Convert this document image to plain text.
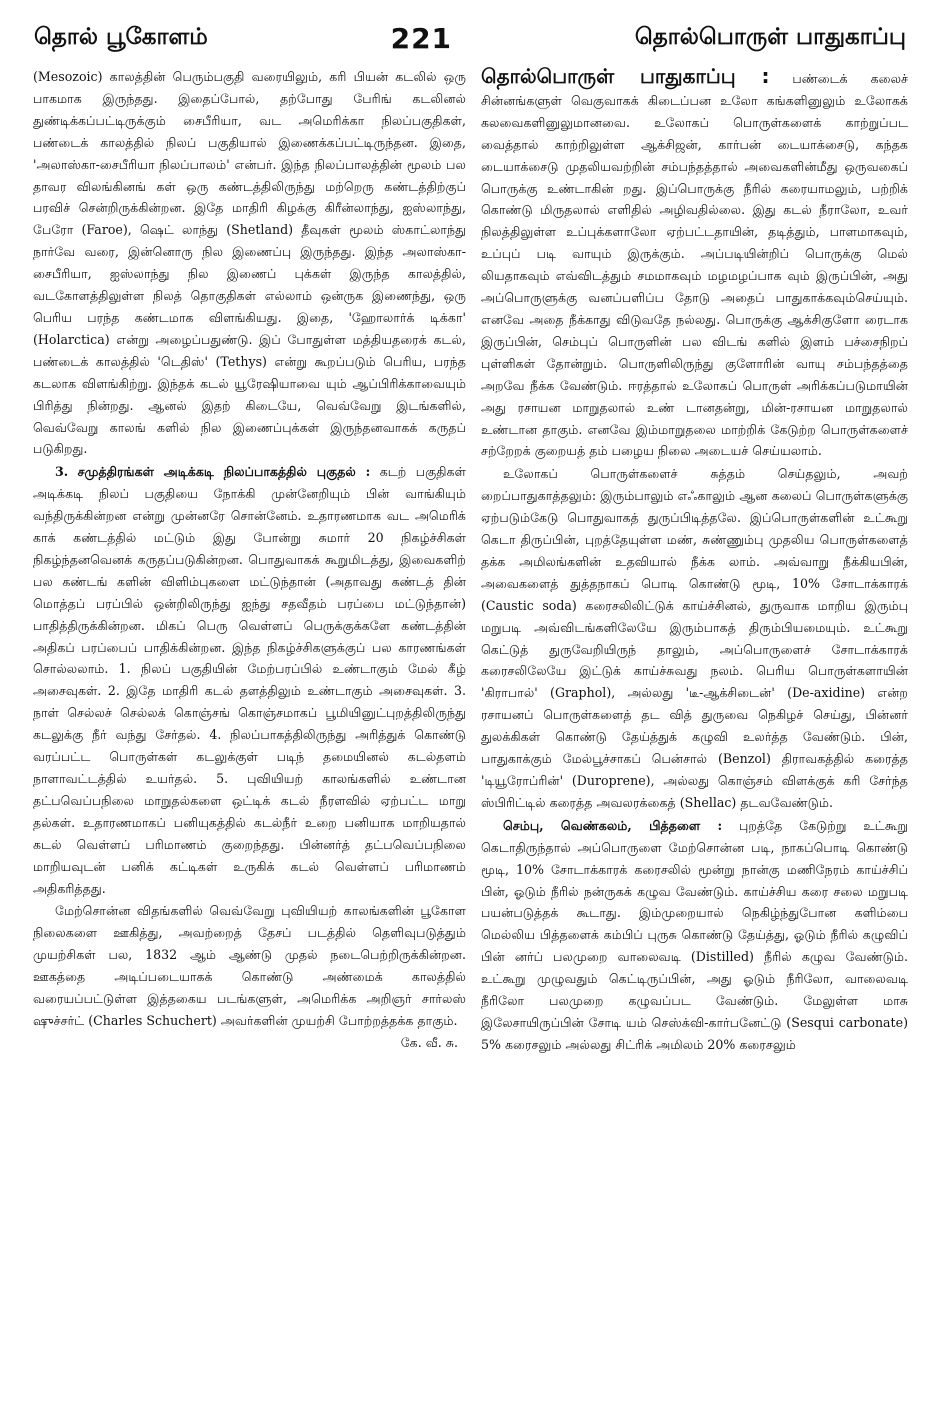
தொல் பூகோளம்	221	தொல்பொருள் பாதுகாப்பு

(Mesozoic) காலத்தின் பெரும்பகுதி வரையிலும், கரி பியன் கடலில் ஒரு பாகமாக இருந்தது. இதைப்போல், தற்போது பேரிங் கடலினல் துண்டிக்கப்பட்டிருக்கும் சைபீரியா, வட அமெரிக்கா நிலப்பகுதிகள், பண்டைக் காலத்தில் நிலப் பகுதியால் இணைக்கப்பட்டிருந்தன. இதை, 'அலாஸ்கா-சைபீரியா நிலப்பாலம்' என்பர். இந்த நிலப்பாலத்தின் மூலம் பல தாவர விலங்கினங் கள் ஒரு கண்டத்திலிருந்து மற்றெரு கண்டத்திற்குப் பரவிச் சென்றிருக்கின்றன. இதே மாதிரி கிழக்கு கிரீன்லாந்து, ஐஸ்லாந்து, பேரோ (Faroe), ஷெட் லாந்து (Shetland) தீவுகள் மூலம் ஸ்காட்லாந்து நார்வே வரை, இன்னொரு நில இணைப்பு இருந்தது. இந்த அலாஸ்கா-சைபீரியா, ஐஸ்லாந்து நில இணைப் புக்கள் இருந்த காலத்தில், வடகோளத்திலுள்ள நிலத் தொகுதிகள் எல்லாம் ஒன்ருக இணைந்து, ஒரு பெரிய பரந்த கண்டமாக விளங்கியது. இதை, 'ஹோலார்க் டிக்கா' (Holarctica) என்று அழைப்பதுண்டு. இப் போதுள்ள மத்தியதரைக் கடல், பண்டைக் காலத்தில் 'டெதிஸ்' (Tethys) என்று கூறப்படும் பெரிய, பரந்த கடலாக விளங்கிற்று. இந்தக் கடல் யூரேஷியாவை யும் ஆப்பிரிக்காவையும் பிரித்து நின்றது. ஆனல் இதற் கிடையே, வெவ்வேறு இடங்களில், வெவ்வேறு காலங் களில் நில இணைப்புக்கள் இருந்தனவாகக் கருதப் படுகிறது.

3. சமுத்திரங்கள் அடிக்கடி நிலப்பாகத்தில் புகுதல் : கடற் பகுதிகள் அடிக்கடி நிலப் பகுதியை நோக்கி முன்னேறியும் பின் வாங்கியும் வந்திருக்கின்றன என்று முன்னரே சொன்னேம். உதாரணமாக வட அமெரிக் காக் கண்டத்தில் மட்டும் இது போன்று சுமார் 20 நிகழ்ச்சிகள் நிகழ்ந்தனவெனக் கருதப்படுகின்றன. பொதுவாகக் கூறுமிடத்து, இவைகளிற் பல கண்டங் களின் விளிம்புகளை மட்டுந்தான் (அதாவது கண்டத் தின் மொத்தப் பரப்பில் ஒன்றிலிருந்து ஐந்து சதவீதம் பரப்பை மட்டுந்தான்) பாதித்திருக்கின்றன. மிகப் பெரு வெள்ளப் பெருக்குக்களே கண்டத்தின் அதிகப் பரப்பைப் பாதிக்கின்றன. இந்த நிகழ்ச்சிகளுக்குப் பல காரணங்கள் சொல்லலாம். 1. நிலப் பகுதியின் மேற்பரப்பில் உண்டாகும் மேல் கீழ் அசைவுகள். 2. இதே மாதிரி கடல் தளத்திலும் உண்டாகும் அசைவுகள். 3. நாள் செல்லச் செல்லக் கொஞ்சங் கொஞ்சமாகப் பூமியினுட்புறத்திலிருந்து கடலுக்கு நீர் வந்து சேர்தல். 4. நிலப்பாகத்திலிருந்து அரித்துக் கொண்டு வரப்பட்ட பொருள்கள் கடலுக்குள் படிந் தமையினல் கடல்தளம் நாளாவட்டத்தில் உயர்தல். 5. புவியியற் காலங்களில் உண்டான தட்பவெப்பநிலை மாறுதல்களை ஒட்டிக் கடல் நீரளவில் ஏற்பட்ட மாறு தல்கள். உதாரணமாகப் பனியுகத்தில் கடல்நீர் உறை பனியாக மாறியதால் கடல் வெள்ளப் பரிமாணம் குறைந்தது. பின்னர்த் தட்பவெப்பநிலை மாறியவுடன் பனிக் கட்டிகள் உருகிக் கடல் வெள்ளப் பரிமாணம் அதிகரித்தது.

மேற்சொன்ன விதங்களில் வெவ்வேறு புவியியற் காலங்களின் பூகோள நிலைகளை ஊகித்து, அவற்றைத் தேசப் படத்தில் தெளிவுபடுத்தும் முயற்சிகள் பல, 1832 ஆம் ஆண்டு முதல் நடைபெற்றிருக்கின்றன. ஊகத்தை அடிப்படையாகக் கொண்டு அண்மைக் காலத்தில் வரையப்பட்டுள்ள இத்தகைய படங்களுள், அமெரிக்க அறிஞர் சார்லஸ் ஷுச்சர்ட் (Charles Schuchert) அவர்களின் முயற்சி போற்றத்தக்க தாகும்.

கே. வீ. சு.

தொல்பொருள் பாதுகாப்பு : பண்டைக் கலைச் சின்னங்களுள் வெகுவாகக் கிடைப்பன உலோ கங்களினுலும் உலோகக் கலவைகளினுலுமானவை. உலோகப் பொருள்களைக் காற்றுப்பட வைத்தால் காற்றிலுள்ள ஆக்சிஜன், கார்பன் டையாக்சைடு, கந்தக டையாக்சைடு முதலியவற்றின் சம்பந்தத்தால் அவைகளின்மீது ஒருவகைப் பொருக்கு உண்டாகின் றது. இப்பொருக்கு நீரில் கரையாமலும், பற்றிக் கொண்டு மிருதலால் எளிதில் அழிவதில்லை. இது கடல் நீராலோ, உவர் நிலத்திலுள்ள உப்புக்களாலோ ஏற்பட்டதாயின், தடித்தும், பாளமாகவும், உப்புப் படி வாயும் இருக்கும். அப்படியின்றிப் பொருக்கு மெல் லியதாகவும் எவ்விடத்தும் சமமாகவும் மழமழப்பாக வும் இருப்பின், அது அப்பொருளுக்கு வனப்பளிப்ப தோடு அதைப் பாதுகாக்கவும்செய்யும். எனவே அதை நீக்காது விடுவதே நல்லது. பொருக்கு ஆக்சிகுளோ ரைடாக இருப்பின், செம்புப் பொருளின் பல விடங் களில் இளம் பச்சைநிறப் புள்ளிகள் தோன்றும். பொருளிலிருந்து குளோரின் வாயு சம்பந்தத்தை அறவே நீக்க வேண்டும். ஈரத்தால் உலோகப் பொருள் அரிக்கப்படுமாயின் அது ரசாயன மாறுதலால் உண் டானதன்று, மின்-ரசாயன மாறுதலால் உண்டான தாகும். எனவே இம்மாறுதலை மாற்றிக் கேடுற்ற பொருள்களைச் சற்றேறக் குறையத் தம் பழைய நிலை அடையச் செய்யலாம்.

உலோகப் பொருள்களைச் சுத்தம் செய்தலும், அவற் றைப்பாதுகாத்தலும்: இரும்பாலும் எஃகாலும் ஆன கலைப் பொருள்களுக்கு ஏற்படும்கேடு பொதுவாகத் துருப்பிடித்தலே. இப்பொருள்களின் உட்கூறு கெடா திருப்பின், புறத்தேயுள்ள மண், சுண்ணும்பு முதலிய பொருள்களைத் தக்க அமிலங்களின் உதவியால் நீக்க லாம். அவ்வாறு நீக்கியபின், அவைகளைத் துத்தநாகப் பொடி கொண்டு மூடி, 10% சோடாக்காரக் (Caustic soda) கரைசலிலிட்டுக் காய்ச்சினல், துருவாக மாறிய இரும்பு மறுபடி அவ்விடங்களிலேயே இரும்பாகத் திரும்பியமையும். உட்கூறு கெட்டுத் துருவேறியிருந் தாலும், அப்பொருளைச் சோடாக்காரக் கரைசலிலேயே இட்டுக் காய்ச்சுவது நலம். பெரிய பொருள்களாயின் 'கிராபால்' (Graphol), அல்லது 'டீ-ஆக்சிடைன்' (De-axidine) என்ற ரசாயனப் பொருள்களைத் தட வித் துருவை நெகிழச் செய்து, பின்னர் துலக்கிகள் கொண்டு தேய்த்துக் கழுவி உலர்த்த வேண்டும். பின், பாதுகாக்கும் மேல்பூச்சாகப் பென்சால் (Benzol) திராவகத்தில் கரைத்த 'டியூரோப்ரின்' (Duroprene), அல்லது கொஞ்சம் விளக்குக் கரி சேர்ந்த ஸ்பிரிட்டில் கரைத்த அவலரக்கைத் (Shellac) தடவவேண்டும்.

செம்பு, வெண்கலம், பித்தளை : புறத்தே கேடுற்று உட்கூறு கெடாதிருந்தால் அப்பொருளை மேற்சொன்ன படி, நாகப்பொடி கொண்டு மூடி, 10% சோடாக்காரக் கரைசலில் மூன்று நான்கு மணிநேரம் காய்ச்சிப் பின், ஓடும் நீரில் நன்ருகக் கழுவ வேண்டும். காய்ச்சிய கரை சலை மறுபடி பயன்படுத்தக் கூடாது. இம்முறையால் நெகிழ்ந்துபோன களிம்பை மெல்லிய பித்தளைக் கம்பிப் புருசு கொண்டு தேய்த்து, ஓடும் நீரில் கழுவிப் பின் னர்ப் பலமுறை வாலைவடி (Distilled) நீரில் கழுவ வேண்டும். உட்கூறு முழுவதும் கெட்டிருப்பின், அது ஓடும் நீரிலோ, வாலைவடி நீரிலோ பலமுறை கழுவப்பட வேண்டும். மேலுள்ள மாசு இலேசாயிருப்பின் சோடி யம் செஸ்க்வி-கார்பனேட்டு (Sesqui carbonate) 5% கரைசலும் அல்லது சிட்ரிக் அமிலம் 20% கரைசலும்
